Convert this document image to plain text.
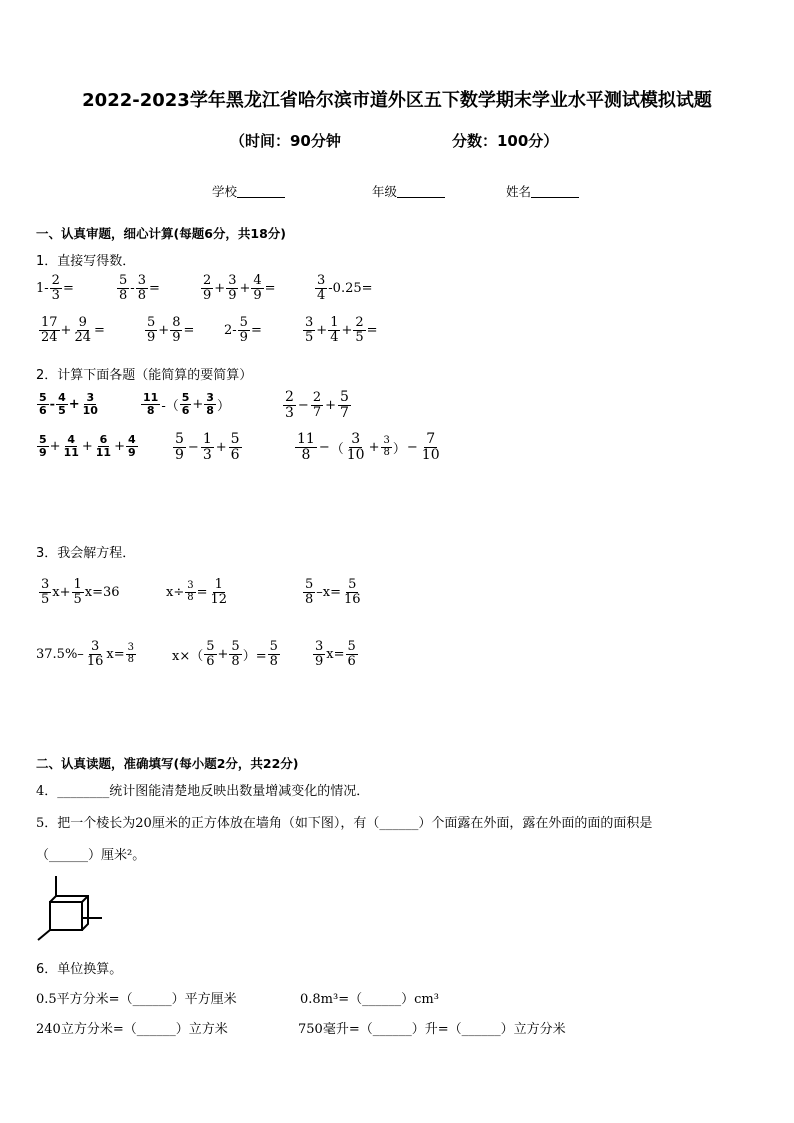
2022-2023学年黑龙江省哈尔滨市道外区五下数学期末学业水平测试模拟试题
（时间：90分钟	分数：100分）
学校	年级	姓名
一、认真审题，细心计算(每题6分，共18分)
1．直接写得数．
$1- \frac{2}{3}$ =	$\frac{5}{8} - \frac{3}{8}$ =	$\frac{2}{9} + \frac{3}{9} + \frac{4}{9}$ =	$\frac{3}{4} -0.25=$
$\frac{17}{24} + \frac{9}{24}$ =	$\frac{5}{9} + \frac{8}{9} = 2- \frac{5}{9}$ =	$\frac{3}{5} + \frac{1}{4} + \frac{2}{5}$ =
2．计算下面各题（能简算的要简算）
$\frac{5}{6} - \frac{4}{5} + \frac{3}{10}$	$\frac{11}{8}$ -（ $\frac{5}{6} + \frac{3}{8}$ ）	$\frac{2}{3} - \frac{2}{7} + \frac{5}{7}$
$\frac{5}{9} + \frac{4}{11} + \frac{6}{11} + \frac{4}{9}$	$\frac{5}{9} - \frac{1}{3} + \frac{5}{6}$	$\frac{11}{8}$ − （ $\frac{3}{10} + \frac{3}{8}$ ） − $\frac{7}{10}$
3．我会解方程．
$\frac{3}{5} x+ \frac{1}{5} x=36$	$x\div \frac{3}{8} = \frac{1}{12}$	$\frac{5}{8} -x= \frac{5}{16}$
$37.5\%- \frac{3}{16} x= \frac{3}{8}$	$x\times( \frac{5}{6} + \frac{5}{8}$ ）= $\frac{5}{8}$	$\frac{3}{9} x= \frac{5}{6}$
二、认真读题，准确填写(每小题2分，共22分)
4．________统计图能清楚地反映出数量增减变化的情况．
5．把一个棱长为20厘米的正方体放在墙角（如下图），有（______）个面露在外面，露在外面的面的面积是
（______）厘米²。
6．单位换算。
0.5平方分米=（______）平方厘米	0.8m³=（______）cm³
240立方分米=（______）立方米	750毫升=（______）升=（______）立方分米
